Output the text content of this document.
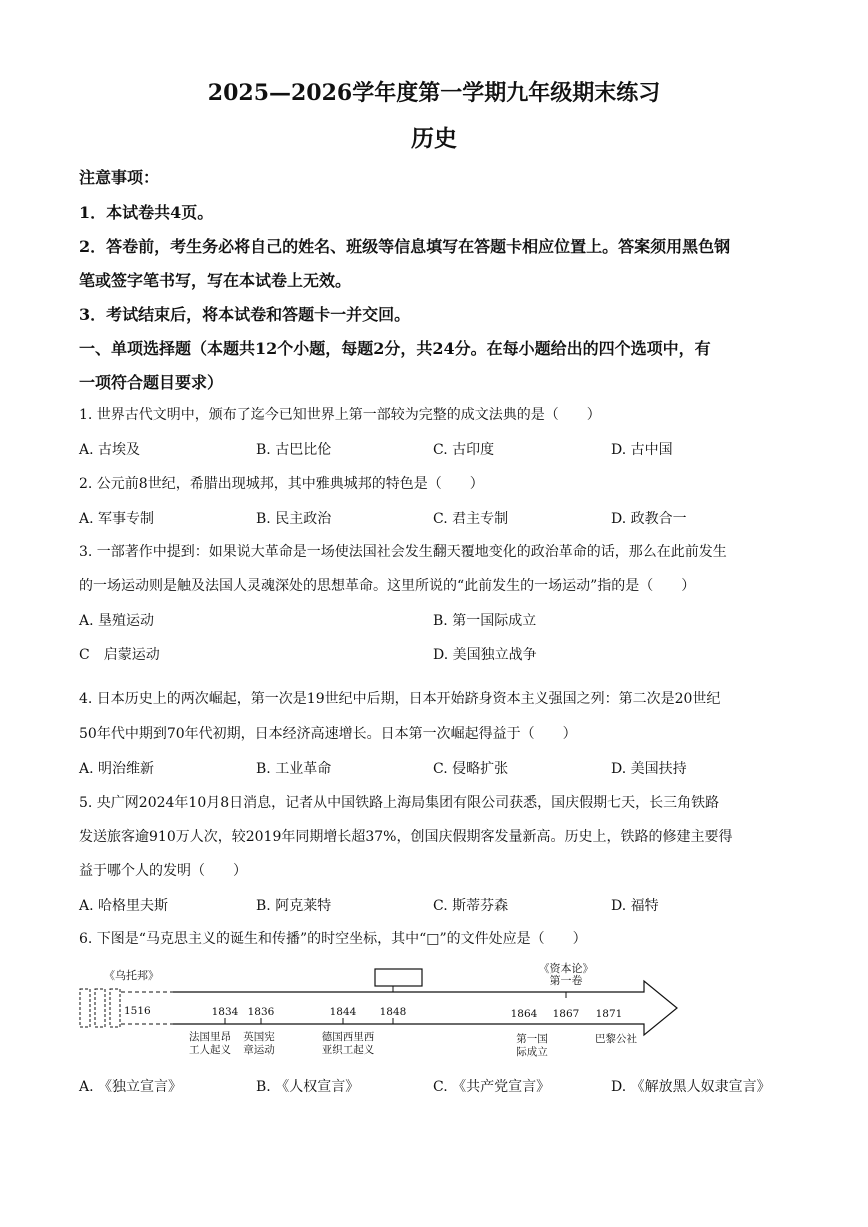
2025—2026学年度第一学期九年级期末练习
历史
注意事项：
1．本试卷共4页。
2．答卷前，考生务必将自己的姓名、班级等信息填写在答题卡相应位置上。答案须用黑色钢
笔或签字笔书写，写在本试卷上无效。
3．考试结束后，将本试卷和答题卡一并交回。
一、单项选择题（本题共12个小题，每题2分，共24分。在每小题给出的四个选项中，有
一项符合题目要求）
1. 世界古代文明中，颁布了迄今已知世界上第一部较为完整的成文法典的是（　　）
A. 古埃及	B. 古巴比伦	C. 古印度	D. 古中国
2. 公元前8世纪，希腊出现城邦，其中雅典城邦的特色是（　　）
A. 军事专制	B. 民主政治	C. 君主专制	D. 政教合一
3. 一部著作中提到：如果说大革命是一场使法国社会发生翻天覆地变化的政治革命的话，那么在此前发生
的一场运动则是触及法国人灵魂深处的思想革命。这里所说的“此前发生的一场运动”指的是（　　）
A. 垦殖运动	B. 第一国际成立
C　启蒙运动	D. 美国独立战争
4. 日本历史上的两次崛起，第一次是19世纪中后期，日本开始跻身资本主义强国之列：第二次是20世纪
50年代中期到70年代初期，日本经济高速增长。日本第一次崛起得益于（　　）
A. 明治维新	B. 工业革命	C. 侵略扩张	D. 美国扶持
5. 央广网2024年10月8日消息，记者从中国铁路上海局集团有限公司获悉，国庆假期七天，长三角铁路
发送旅客逾910万人次，较2019年同期增长超37%，创国庆假期客发量新高。历史上，铁路的修建主要得
益于哪个人的发明（　　）
A. 哈格里夫斯	B. 阿克莱特	C. 斯蒂芬森	D. 福特
6. 下图是“马克思主义的诞生和传播”的时空坐标，其中“□”的文件处应是（　　）
1516	1834 1836	1844 1848	1864 1867 1871
《乌托邦》
《资本论》
第一卷
法国里昂
工人起义
英国宪
章运动
德国西里西
亚织工起义
第一国
际成立
巴黎公社
A. 《独立宣言》	B. 《人权宣言》	C. 《共产党宣言》	D. 《解放黑人奴隶宣言》
